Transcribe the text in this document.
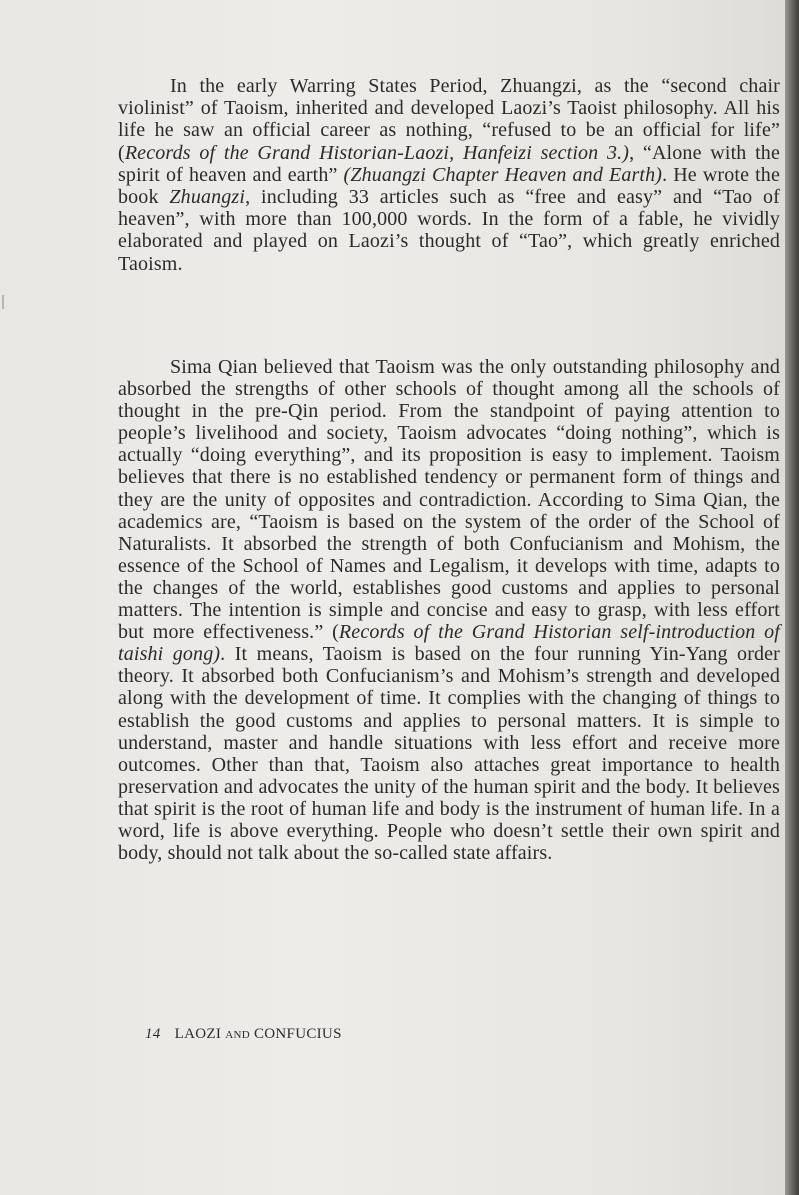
In the early Warring States Period, Zhuangzi, as the “second chair violinist” of Taoism, inherited and developed Laozi’s Taoist philosophy. All his life he saw an official career as nothing, “refused to be an official for life” (Records of the Grand Historian-Laozi, Hanfeizi section 3.), “Alone with the spirit of heaven and earth” (Zhuangzi Chapter Heaven and Earth). He wrote the book Zhuangzi, including 33 articles such as “free and easy” and “Tao of heaven”, with more than 100,000 words. In the form of a fable, he vividly elaborated and played on Laozi’s thought of “Tao”, which greatly enriched Taoism.

Sima Qian believed that Taoism was the only outstanding philosophy and absorbed the strengths of other schools of thought among all the schools of thought in the pre-Qin period. From the standpoint of paying attention to people’s livelihood and society, Taoism advocates “doing nothing”, which is actually “doing everything”, and its proposition is easy to implement. Taoism believes that there is no established tendency or permanent form of things and they are the unity of opposites and contradiction. According to Sima Qian, the academics are, “Taoism is based on the system of the order of the School of Naturalists. It absorbed the strength of both Confucianism and Mohism, the essence of the School of Names and Legalism, it develops with time, adapts to the changes of the world, establishes good customs and applies to personal matters. The intention is simple and concise and easy to grasp, with less effort but more effectiveness.” (Records of the Grand Historian self-introduction of taishi gong). It means, Taoism is based on the four running Yin-Yang order theory. It absorbed both Confucianism’s and Mohism’s strength and developed along with the development of time. It complies with the changing of things to establish the good customs and applies to personal matters. It is simple to understand, master and handle situations with less effort and receive more outcomes. Other than that, Taoism also attaches great importance to health preservation and advocates the unity of the human spirit and the body. It believes that spirit is the root of human life and body is the instrument of human life. In a word, life is above everything. People who doesn’t settle their own spirit and body, should not talk about the so-called state affairs.

14 LAOZI and CONFUCIUS
